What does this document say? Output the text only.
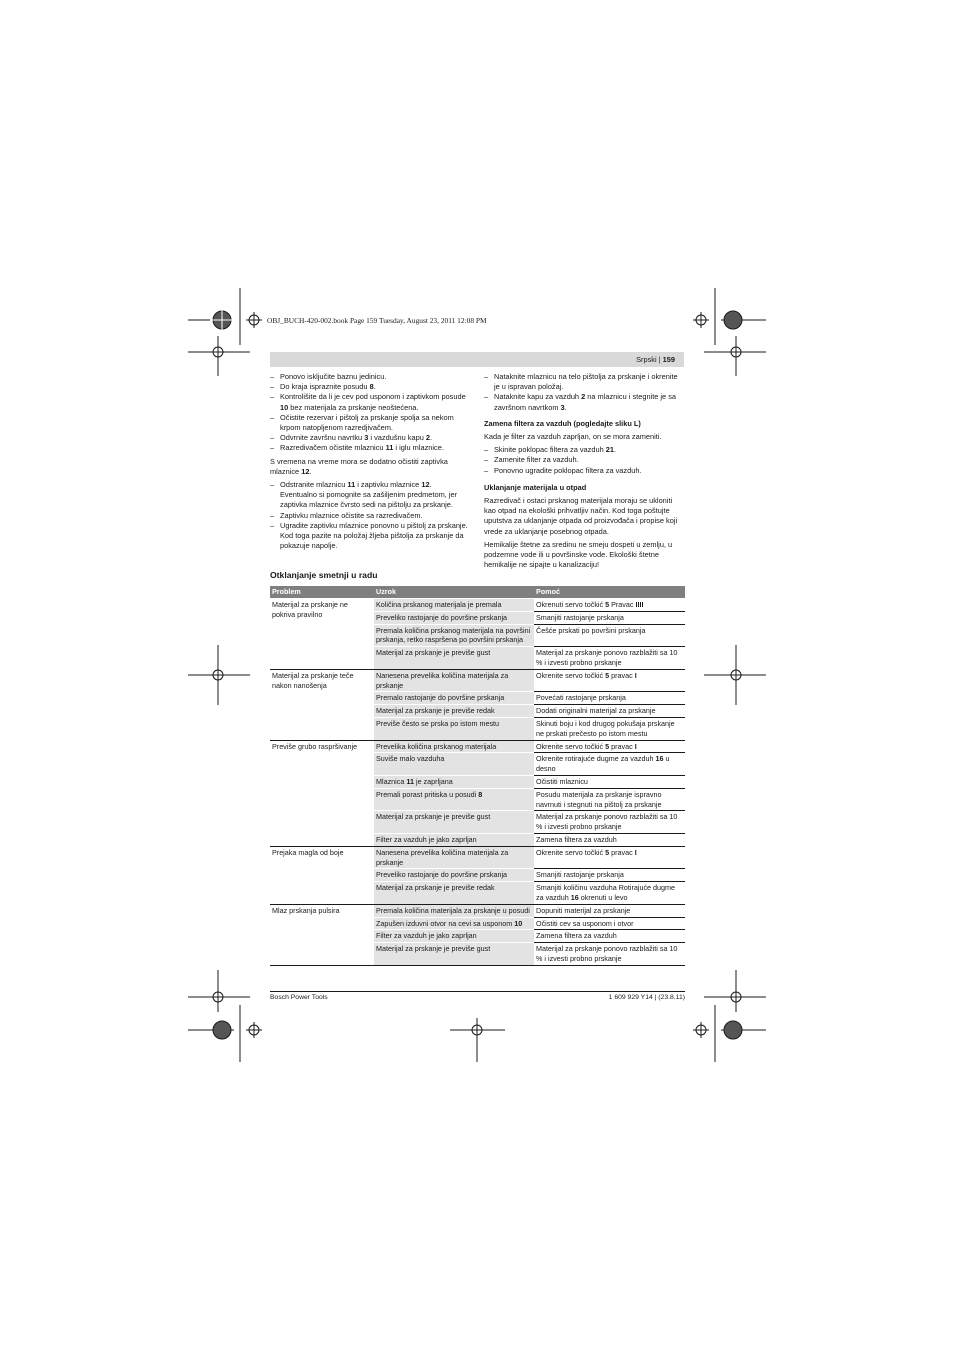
OBJ_BUCH-420-002.book Page 159 Tuesday, August 23, 2011 12:08 PM
Srpski | 159
– Ponovo isključite baznu jedinicu.
– Do kraja ispraznite posudu 8.
– Kontrolišite da li je cev pod usponom i zaptivkom posude 10 bez materijala za prskanje neoštećena.
– Očistite rezervar i pištolj za prskanje spolja sa nekom krpom natopljenom razredjivačem.
– Odvrnite završnu navrtku 3 i vazdušnu kapu 2.
– Razredivačem očistite mlaznicu 11 i iglu mlaznice.

S vremena na vreme mora se dodatno očistiti zaptivka mlaznice 12.

– Odstranite mlaznicu 11 i zaptivku mlaznice 12. Eventualno si pomognite sa zašiljenim predmetom, jer zaptivka mlaznice čvrsto sedi na pištolju za prskanje.
– Zaptivku mlaznice očistite sa razredivačem.
– Ugradite zaptivku mlaznice ponovno u pištolj za prskanje. Kod toga pazite na položaj žljeba pištolja za prskanje da pokazuje napolje.
– Nataknite mlaznicu na telo pištolja za prskanje i okrenite je u ispravan položaj.
– Nataknite kapu za vazduh 2 na mlaznicu i stegnite je sa završnom navrtkom 3.
Zamena filtera za vazduh (pogledajte sliku L)

Kada je filter za vazduh zaprljan, on se mora zameniti.

– Skinite poklopac filtera za vazduh 21.
– Zamenite filter za vazduh.
– Ponovno ugradite poklopac filtera za vazduh.
Uklanjanje materijala u otpad

Razredivač i ostaci prskanog materijala moraju se ukloniti kao otpad na ekološki prihvatljiv način. Kod toga poštujte uputstva za uklanjanje otpada od proizvođača i propise koji vrede za uklanjanje posebnog otpada.

Hemikalije štetne za sredinu ne smeju dospeti u zemlju, u podzemne vode ili u površinske vode. Ekološki štetne hemikalije ne sipajte u kanalizaciju!

Otklanjanje smetnji u radu
Problem	Uzrok	Pomoć
Materijal za prskanje ne pokriva pravilno	Količina prskanog materijala je premala	Okrenuti servo točkić 5 Pravac IIII
	Preveliko rastojanje do površine prskanja	Smanjiti rastojanje prskanja
	Premala količina prskanog materijala na površini prskanja, retko raspršena po površini prskanja	Češće prskati po površini prskanja
	Materijal za prskanje je previše gust	Materijal za prskanje ponovo razblažiti sa 10 % i izvesti probno prskanje
Materijal za prskanje teče nakon nanošenja	Nanesena prevelika količina materijala za prskanje	Okrenite servo točkić 5 pravac I
	Premalo rastojanje do površine prskanja	Povećati rastojanje prskanja
	Materijal za prskanje je previše redak	Dodati originalni materijal za prskanje
	Previše često se prska po istom mestu	Skinuti boju i kod drugog pokušaja prskanje ne prskati prečesto po istom mestu
Previše grubo raspršivanje	Prevelika količina prskanog materijala	Okrenite servo točkić 5 pravac I
	Suviše malo vazduha	Okrenite rotirajuće dugme za vazduh 16 u desno
	Mlaznica 11 je zaprljana	Očistiti mlaznicu
	Premali porast pritiska u posudi 8	Posudu materijala za prskanje ispravno navrnuti i stegnuti na pištolj za prskanje
	Materijal za prskanje je previše gust	Materijal za prskanje ponovo razblažiti sa 10 % i izvesti probno prskanje
	Filter za vazduh je jako zaprljan	Zamena filtera za vazduh
Prejaka magla od boje	Nanesena prevelika količina materijala za prskanje	Okrenite servo točkić 5 pravac I
	Preveliko rastojanje do površine prskanja	Smanjiti rastojanje prskanja
	Materijal za prskanje je previše redak	Smanjiti količinu vazduha Rotirajuće dugme za vazduh 16 okrenuti u levo
Mlaz prskanja pulsira	Premala količina materijala za prskanje u posudi	Dopuniti materijal za prskanje
	Zapušen izduvni otvor na cevi sa usponom 10	Očistiti cev sa usponom i otvor
	Filter za vazduh je jako zaprljan	Zamena filtera za vazduh
	Materijal za prskanje je previše gust	Materijal za prskanje ponovo razblažiti sa 10 % i izvesti probno prskanje
Bosch Power Tools	1 609 929 Y14 | (23.8.11)
